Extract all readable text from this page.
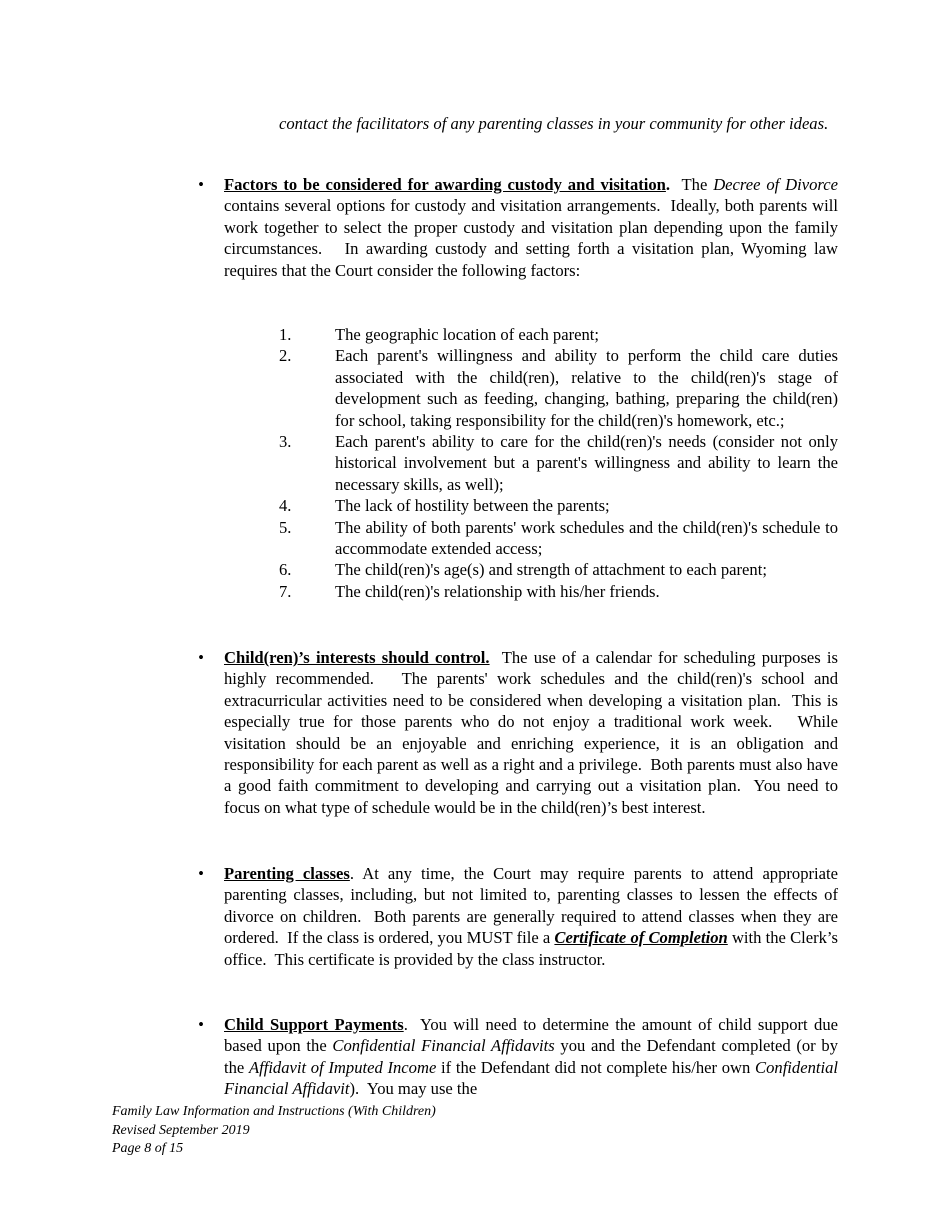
contact the facilitators of any parenting classes in your community for other ideas.
• Factors to be considered for awarding custody and visitation.  The Decree of Divorce contains several options for custody and visitation arrangements.  Ideally, both parents will work together to select the proper custody and visitation plan depending upon the family circumstances.   In awarding custody and setting forth a visitation plan, Wyoming law requires that the Court consider the following factors:
1.	The geographic location of each parent;
2.	Each parent's willingness and ability to perform the child care duties associated with the child(ren), relative to the child(ren)'s stage of development such as feeding, changing, bathing, preparing the child(ren) for school, taking responsibility for the child(ren)'s homework, etc.;
3.	Each parent's ability to care for the child(ren)'s needs (consider not only historical involvement but a parent's willingness and ability to learn the necessary skills, as well);
4.	The lack of hostility between the parents;
5.	The ability of both parents' work schedules and the child(ren)'s schedule to accommodate extended access;
6.	The child(ren)'s age(s) and strength of attachment to each parent;
7.	The child(ren)'s relationship with his/her friends.
• Child(ren)’s interests should control.  The use of a calendar for scheduling purposes is highly recommended.   The parents' work schedules and the child(ren)'s school and extracurricular activities need to be considered when developing a visitation plan.  This is especially true for those parents who do not enjoy a traditional work week.   While visitation should be an enjoyable and enriching experience, it is an obligation and responsibility for each parent as well as a right and a privilege.  Both parents must also have a good faith commitment to developing and carrying out a visitation plan.  You need to focus on what type of schedule would be in the child(ren)’s best interest.
• Parenting classes. At any time, the Court may require parents to attend appropriate parenting classes, including, but not limited to, parenting classes to lessen the effects of divorce on children.  Both parents are generally required to attend classes when they are ordered.  If the class is ordered, you MUST file a Certificate of Completion with the Clerk’s office.  This certificate is provided by the class instructor.
• Child Support Payments.  You will need to determine the amount of child support due based upon the Confidential Financial Affidavits you and the Defendant completed (or by the Affidavit of Imputed Income if the Defendant did not complete his/her own Confidential Financial Affidavit).  You may use the
Family Law Information and Instructions (With Children)
Revised September 2019
Page 8 of 15
